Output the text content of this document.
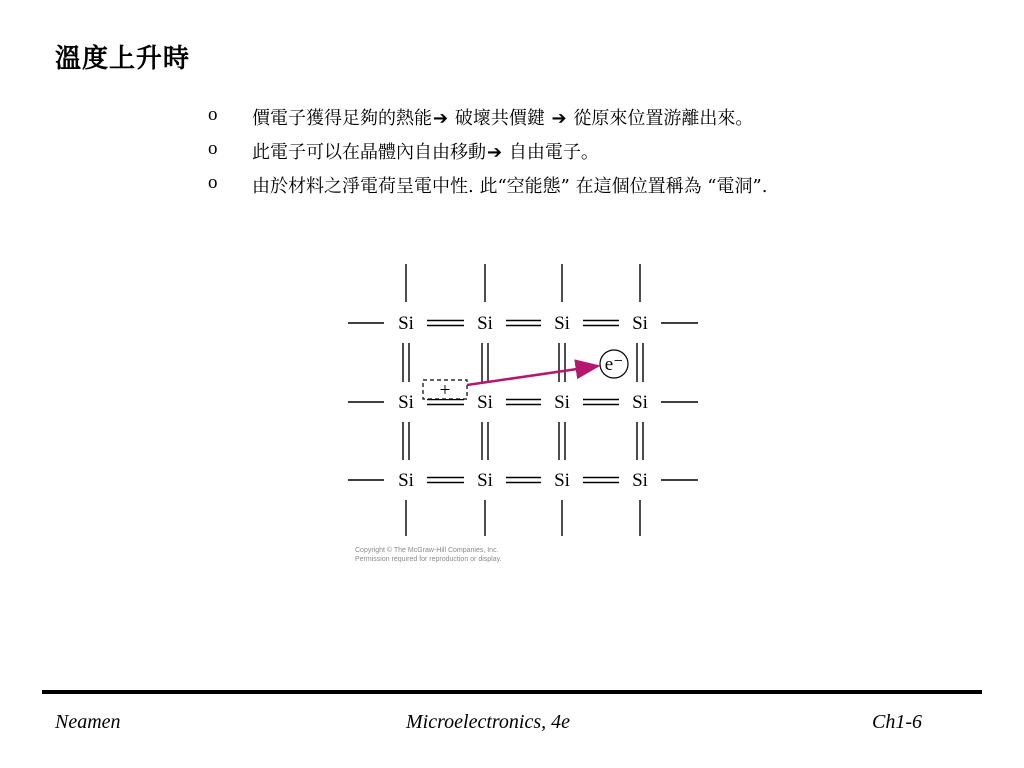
溫度上升時
o	價電子獲得足夠的熱能➔ 破壞共價鍵 ➔ 從原來位置游離出來。
o	此電子可以在晶體內自由移動➔ 自由電子。
o	由於材料之淨電荷呈電中性. 此“空能態” 在這個位置稱為 “電洞”.
Si	Si	Si	Si
Si	Si	Si	Si
Si	Si	Si	Si
+
e⁻
Copyright © The McGraw-Hill Companies, Inc.
Permission required for reproduction or display.
Neamen	Microelectronics, 4e	Ch1-6
